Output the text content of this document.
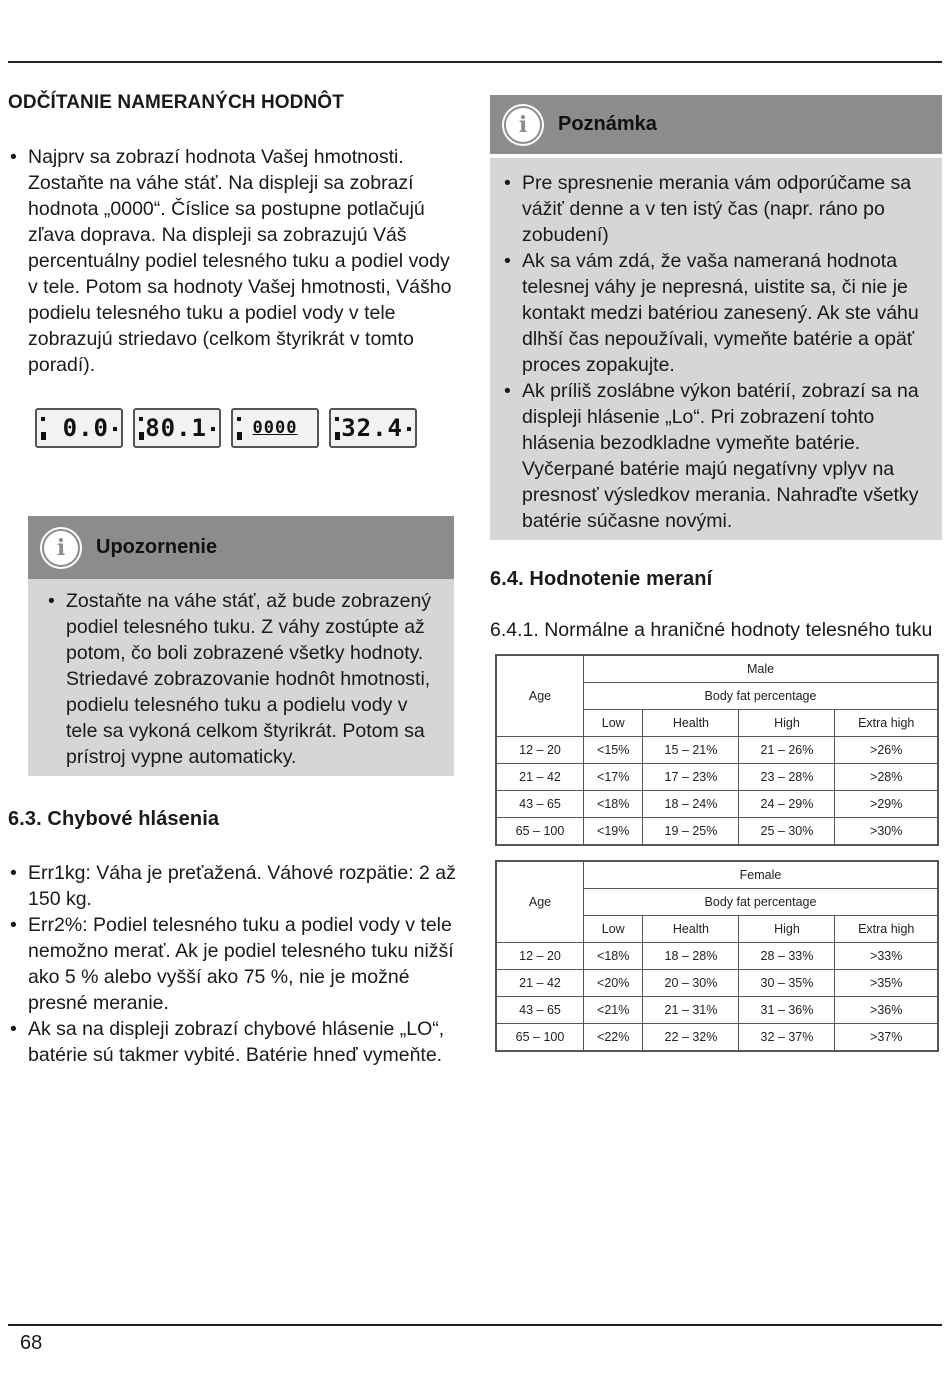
ODČÍTANIE NAMERANÝCH HODNÔT
• Najprv sa zobrazí hodnota Vašej hmotnosti. Zostaňte na váhe stáť. Na displeji sa zobrazí hodnota „0000“. Číslice sa postupne potlačujú zľava doprava. Na displeji sa zobrazujú Váš percentuálny podiel telesného tuku a podiel vody v tele. Potom sa hodnoty Vašej hmotnosti, Vášho podielu telesného tuku a podiel vody v tele zobrazujú striedavo (celkom štyrikrát v tomto poradí).
0.0 80.1	0000 32.4
i	Upozornenie
• Zostaňte na váhe stáť, až bude zobrazený podiel telesného tuku. Z váhy zostúpte až potom, čo boli zobrazené všetky hodnoty. Striedavé zobrazovanie hodnôt hmotnosti, podielu telesného tuku a podielu vody v tele sa vykoná celkom štyrikrát. Potom sa prístroj vypne automaticky.
6.3. Chybové hlásenia
• Err1kg: Váha je preťažená. Váhové rozpätie: 2 až 150 kg.
• Err2%: Podiel telesného tuku a podiel vody v tele nemožno merať. Ak je podiel telesného tuku nižší ako 5 % alebo vyšší ako 75 %, nie je možné presné meranie.
• Ak sa na displeji zobrazí chybové hlásenie „LO“, batérie sú takmer vybité. Batérie hneď vymeňte.
i	Poznámka
• Pre spresnenie merania vám odporúčame sa vážiť denne a v ten istý čas (napr. ráno po zobudení)
• Ak sa vám zdá, že vaša nameraná hodnota telesnej váhy je nepresná, uistite sa, či nie je kontakt medzi batériou zanesený. Ak ste váhu dlhší čas nepoužívali, vymeňte batérie a opäť proces zopakujte.
• Ak príliš zoslábne výkon batérií, zobrazí sa na displeji hlásenie „Lo“. Pri zobrazení tohto hlásenia bezodkladne vymeňte batérie. Vyčerpané batérie majú negatívny vplyv na presnosť výsledkov merania. Nahraďte všetky batérie súčasne novými.
6.4. Hodnotenie meraní
6.4.1. Normálne a hraničné hodnoty telesného tuku
Age	Male			
	Body fat percentage			
	Low	Health	High	Extra high
12 – 20	<15%	15 – 21%	21 – 26%	>26%
21 – 42	<17%	17 – 23%	23 – 28%	>28%
43 – 65	<18%	18 – 24%	24 – 29%	>29%
65 – 100	<19%	19 – 25%	25 – 30%	>30%
Age	Female			
	Body fat percentage			
	Low	Health	High	Extra high
12 – 20	<18%	18 – 28%	28 – 33%	>33%
21 – 42	<20%	20 – 30%	30 – 35%	>35%
43 – 65	<21%	21 – 31%	31 – 36%	>36%
65 – 100	<22%	22 – 32%	32 – 37%	>37%
68
